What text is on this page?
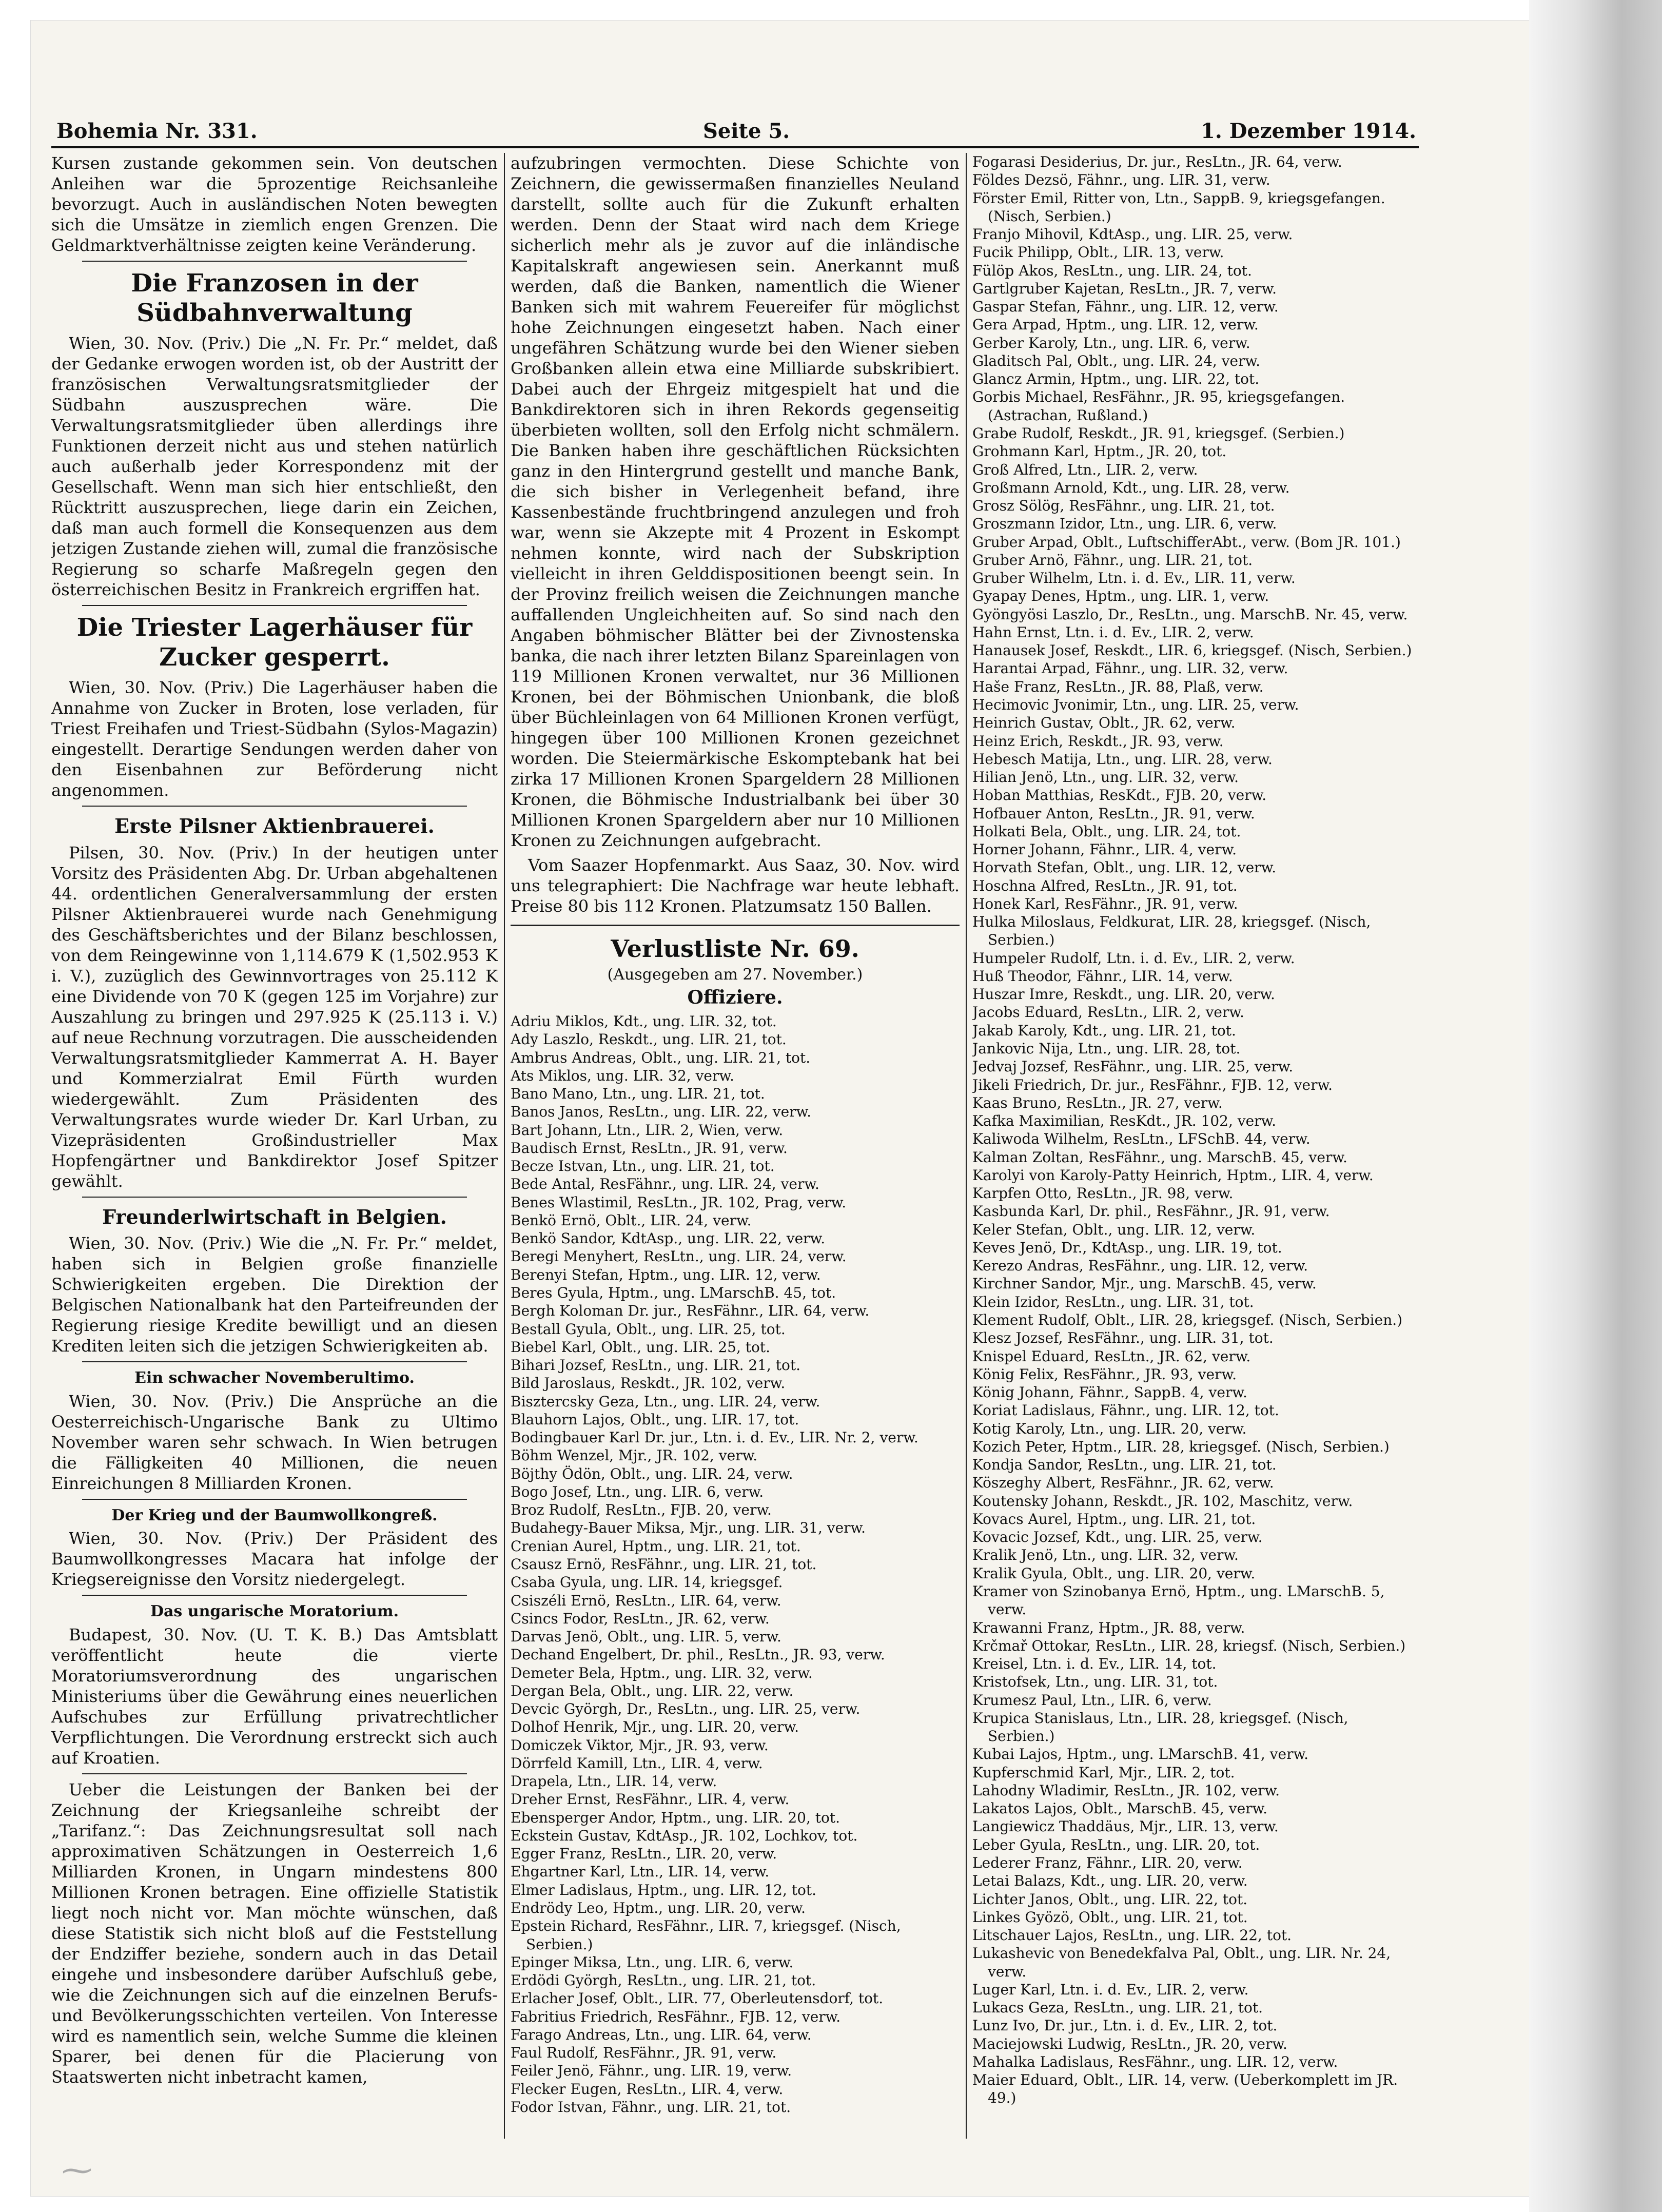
Bohemia Nr. 331.	Seite 5.	1. Dezember 1914.

Kursen zustande gekommen sein. Von deutschen Anleihen war die 5prozentige Reichsanleihe bevorzugt. Auch in ausländischen Noten bewegten sich die Umsätze in ziemlich engen Grenzen. Die Geldmarktverhältnisse zeigten keine Veränderung.

Die Franzosen in der Südbahnverwaltung

Wien, 30. Nov. (Priv.) Die „N. Fr. Pr.“ meldet, daß der Gedanke erwogen worden ist, ob der Austritt der französischen Verwaltungsratsmitglieder der Südbahn auszusprechen wäre. Die Verwaltungsratsmitglieder üben allerdings ihre Funktionen derzeit nicht aus und stehen natürlich auch außerhalb jeder Korrespondenz mit der Gesellschaft. Wenn man sich hier entschließt, den Rücktritt auszusprechen, liege darin ein Zeichen, daß man auch formell die Konsequenzen aus dem jetzigen Zustande ziehen will, zumal die französische Regierung so scharfe Maßregeln gegen den österreichischen Besitz in Frankreich ergriffen hat.

Die Triester Lagerhäuser für Zucker gesperrt.

Wien, 30. Nov. (Priv.) Die Lagerhäuser haben die Annahme von Zucker in Broten, lose verladen, für Triest Freihafen und Triest-Südbahn (Sylos-Magazin) eingestellt. Derartige Sendungen werden daher von den Eisenbahnen zur Beförderung nicht angenommen.

Erste Pilsner Aktienbrauerei.

Pilsen, 30. Nov. (Priv.) In der heutigen unter Vorsitz des Präsidenten Abg. Dr. Urban abgehaltenen 44. ordentlichen Generalversammlung der ersten Pilsner Aktienbrauerei wurde nach Genehmigung des Geschäftsberichtes und der Bilanz beschlossen, von dem Reingewinne von 1,114.679 K (1,502.953 K i. V.), zuzüglich des Gewinnvortrages von 25.112 K eine Dividende von 70 K (gegen 125 im Vorjahre) zur Auszahlung zu bringen und 297.925 K (25.113 i. V.) auf neue Rechnung vorzutragen. Die ausscheidenden Verwaltungsratsmitglieder Kammerrat A. H. Bayer und Kommerzialrat Emil Fürth wurden wiedergewählt. Zum Präsidenten des Verwaltungsrates wurde wieder Dr. Karl Urban, zu Vizepräsidenten Großindustrieller Max Hopfengärtner und Bankdirektor Josef Spitzer gewählt.

Freunderlwirtschaft in Belgien.

Wien, 30. Nov. (Priv.) Wie die „N. Fr. Pr.“ meldet, haben sich in Belgien große finanzielle Schwierigkeiten ergeben. Die Direktion der Belgischen Nationalbank hat den Parteifreunden der Regierung riesige Kredite bewilligt und an diesen Krediten leiten sich die jetzigen Schwierigkeiten ab.

Ein schwacher Novemberultimo.

Wien, 30. Nov. (Priv.) Die Ansprüche an die Oesterreichisch-Ungarische Bank zu Ultimo November waren sehr schwach. In Wien betrugen die Fälligkeiten 40 Millionen, die neuen Einreichungen 8 Milliarden Kronen.

Der Krieg und der Baumwollkongreß.

Wien, 30. Nov. (Priv.) Der Präsident des Baumwollkongresses Macara hat infolge der Kriegsereignisse den Vorsitz niedergelegt.

Das ungarische Moratorium.

Budapest, 30. Nov. (U. T. K. B.) Das Amtsblatt veröffentlicht heute die vierte Moratoriumsverordnung des ungarischen Ministeriums über die Gewährung eines neuerlichen Aufschubes zur Erfüllung privatrechtlicher Verpflichtungen. Die Verordnung erstreckt sich auch auf Kroatien.

Ueber die Leistungen der Banken bei der Zeichnung der Kriegsanleihe schreibt der „Tarifanz.“: Das Zeichnungsresultat soll nach approximativen Schätzungen in Oesterreich 1,6 Milliarden Kronen, in Ungarn mindestens 800 Millionen Kronen betragen. Eine offizielle Statistik liegt noch nicht vor. Man möchte wünschen, daß diese Statistik sich nicht bloß auf die Feststellung der Endziffer beziehe, sondern auch in das Detail eingehe und insbesondere darüber Aufschluß gebe, wie die Zeichnungen sich auf die einzelnen Berufs- und Bevölkerungsschichten verteilen. Von Interesse wird es namentlich sein, welche Summe die kleinen Sparer, bei denen für die Placierung von Staatswerten nicht inbetracht kamen,

aufzubringen vermochten. Diese Schichte von Zeichnern, die gewissermaßen finanzielles Neuland darstellt, sollte auch für die Zukunft erhalten werden. Denn der Staat wird nach dem Kriege sicherlich mehr als je zuvor auf die inländische Kapitalskraft angewiesen sein. Anerkannt muß werden, daß die Banken, namentlich die Wiener Banken sich mit wahrem Feuereifer für möglichst hohe Zeichnungen eingesetzt haben. Nach einer ungefähren Schätzung wurde bei den Wiener sieben Großbanken allein etwa eine Milliarde subskribiert. Dabei auch der Ehrgeiz mitgespielt hat und die Bankdirektoren sich in ihren Rekords gegenseitig überbieten wollten, soll den Erfolg nicht schmälern. Die Banken haben ihre geschäftlichen Rücksichten ganz in den Hintergrund gestellt und manche Bank, die sich bisher in Verlegenheit befand, ihre Kassenbestände fruchtbringend anzulegen und froh war, wenn sie Akzepte mit 4 Prozent in Eskompt nehmen konnte, wird nach der Subskription vielleicht in ihren Gelddispositionen beengt sein. In der Provinz freilich weisen die Zeichnungen manche auffallenden Ungleichheiten auf. So sind nach den Angaben böhmischer Blätter bei der Zivnostenska banka, die nach ihrer letzten Bilanz Spareinlagen von 119 Millionen Kronen verwaltet, nur 36 Millionen Kronen, bei der Böhmischen Unionbank, die bloß über Büchleinlagen von 64 Millionen Kronen verfügt, hingegen über 100 Millionen Kronen gezeichnet worden. Die Steiermärkische Eskomptebank hat bei zirka 17 Millionen Kronen Spargeldern 28 Millionen Kronen, die Böhmische Industrialbank bei über 30 Millionen Kronen Spargeldern aber nur 10 Millionen Kronen zu Zeichnungen aufgebracht.

Vom Saazer Hopfenmarkt. Aus Saaz, 30. Nov. wird uns telegraphiert: Die Nachfrage war heute lebhaft. Preise 80 bis 112 Kronen. Platzumsatz 150 Ballen.

Verlustliste Nr. 69.
(Ausgegeben am 27. November.)
Offiziere.
Adriu Miklos, Kdt., ung. LIR. 32, tot.
Ady Laszlo, Reskdt., ung. LIR. 21, tot.
Ambrus Andreas, Oblt., ung. LIR. 21, tot.
Ats Miklos, ung. LIR. 32, verw.
Bano Mano, Ltn., ung. LIR. 21, tot.
Banos Janos, ResLtn., ung. LIR. 22, verw.
Bart Johann, Ltn., LIR. 2, Wien, verw.
Baudisch Ernst, ResLtn., JR. 91, verw.
Becze Istvan, Ltn., ung. LIR. 21, tot.
Bede Antal, ResFähnr., ung. LIR. 24, verw.
Benes Wlastimil, ResLtn., JR. 102, Prag, verw.
Benkö Ernö, Oblt., LIR. 24, verw.
Benkö Sandor, KdtAsp., ung. LIR. 22, verw.
Beregi Menyhert, ResLtn., ung. LIR. 24, verw.
Berenyi Stefan, Hptm., ung. LIR. 12, verw.
Beres Gyula, Hptm., ung. LMarschB. 45, tot.
Bergh Koloman Dr. jur., ResFähnr., LIR. 64, verw.
Bestall Gyula, Oblt., ung. LIR. 25, tot.
Biebel Karl, Oblt., ung. LIR. 25, tot.
Bihari Jozsef, ResLtn., ung. LIR. 21, tot.
Bild Jaroslaus, Reskdt., JR. 102, verw.
Bisztercsky Geza, Ltn., ung. LIR. 24, verw.
Blauhorn Lajos, Oblt., ung. LIR. 17, tot.
Bodingbauer Karl Dr. jur., Ltn. i. d. Ev., LIR. Nr. 2, verw.
Böhm Wenzel, Mjr., JR. 102, verw.
Böjthy Ödön, Oblt., ung. LIR. 24, verw.
Bogo Josef, Ltn., ung. LIR. 6, verw.
Broz Rudolf, ResLtn., FJB. 20, verw.
Budahegy-Bauer Miksa, Mjr., ung. LIR. 31, verw.
Crenian Aurel, Hptm., ung. LIR. 21, tot.
Csausz Ernö, ResFähnr., ung. LIR. 21, tot.
Csaba Gyula, ung. LIR. 14, kriegsgef.
Csiszéli Ernö, ResLtn., LIR. 64, verw.
Csincs Fodor, ResLtn., JR. 62, verw.
Darvas Jenö, Oblt., ung. LIR. 5, verw.
Dechand Engelbert, Dr. phil., ResLtn., JR. 93, verw.
Demeter Bela, Hptm., ung. LIR. 32, verw.
Dergan Bela, Oblt., ung. LIR. 22, verw.
Devcic Györgh, Dr., ResLtn., ung. LIR. 25, verw.
Dolhof Henrik, Mjr., ung. LIR. 20, verw.
Domiczek Viktor, Mjr., JR. 93, verw.
Dörrfeld Kamill, Ltn., LIR. 4, verw.
Drapela, Ltn., LIR. 14, verw.
Dreher Ernst, ResFähnr., LIR. 4, verw.
Ebensperger Andor, Hptm., ung. LIR. 20, tot.
Eckstein Gustav, KdtAsp., JR. 102, Lochkov, tot.
Egger Franz, ResLtn., LIR. 20, verw.
Ehgartner Karl, Ltn., LIR. 14, verw.
Elmer Ladislaus, Hptm., ung. LIR. 12, tot.
Endrödy Leo, Hptm., ung. LIR. 20, verw.
Epstein Richard, ResFähnr., LIR. 7, kriegsgef. (Nisch, Serbien.)
Epinger Miksa, Ltn., ung. LIR. 6, verw.
Erdödi Györgh, ResLtn., ung. LIR. 21, tot.
Erlacher Josef, Oblt., LIR. 77, Oberleutensdorf, tot.
Fabritius Friedrich, ResFähnr., FJB. 12, verw.
Farago Andreas, Ltn., ung. LIR. 64, verw.
Faul Rudolf, ResFähnr., JR. 91, verw.
Feiler Jenö, Fähnr., ung. LIR. 19, verw.
Flecker Eugen, ResLtn., LIR. 4, verw.
Fodor Istvan, Fähnr., ung. LIR. 21, tot.
Fogarasi Desiderius, Dr. jur., ResLtn., JR. 64, verw.
Földes Dezsö, Fähnr., ung. LIR. 31, verw.
Förster Emil, Ritter von, Ltn., SappB. 9, kriegsgefangen. (Nisch, Serbien.)
Franjo Mihovil, KdtAsp., ung. LIR. 25, verw.
Fucik Philipp, Oblt., LIR. 13, verw.
Fülöp Akos, ResLtn., ung. LIR. 24, tot.
Gartlgruber Kajetan, ResLtn., JR. 7, verw.
Gaspar Stefan, Fähnr., ung. LIR. 12, verw.
Gera Arpad, Hptm., ung. LIR. 12, verw.
Gerber Karoly, Ltn., ung. LIR. 6, verw.
Gladitsch Pal, Oblt., ung. LIR. 24, verw.
Glancz Armin, Hptm., ung. LIR. 22, tot.
Gorbis Michael, ResFähnr., JR. 95, kriegsgefangen. (Astrachan, Rußland.)
Grabe Rudolf, Reskdt., JR. 91, kriegsgef. (Serbien.)
Grohmann Karl, Hptm., JR. 20, tot.
Groß Alfred, Ltn., LIR. 2, verw.
Großmann Arnold, Kdt., ung. LIR. 28, verw.
Grosz Sölög, ResFähnr., ung. LIR. 21, tot.
Groszmann Izidor, Ltn., ung. LIR. 6, verw.
Gruber Arpad, Oblt., LuftschifferAbt., verw. (Bom JR. 101.)
Gruber Arnö, Fähnr., ung. LIR. 21, tot.
Gruber Wilhelm, Ltn. i. d. Ev., LIR. 11, verw.
Gyapay Denes, Hptm., ung. LIR. 1, verw.
Gyöngyösi Laszlo, Dr., ResLtn., ung. MarschB. Nr. 45, verw.
Hahn Ernst, Ltn. i. d. Ev., LIR. 2, verw.
Hanausek Josef, Reskdt., LIR. 6, kriegsgef. (Nisch, Serbien.)
Harantai Arpad, Fähnr., ung. LIR. 32, verw.
Haše Franz, ResLtn., JR. 88, Plaß, verw.
Hecimovic Jvonimir, Ltn., ung. LIR. 25, verw.
Heinrich Gustav, Oblt., JR. 62, verw.
Heinz Erich, Reskdt., JR. 93, verw.
Hebesch Matija, Ltn., ung. LIR. 28, verw.
Hilian Jenö, Ltn., ung. LIR. 32, verw.
Hoban Matthias, ResKdt., FJB. 20, verw.
Hofbauer Anton, ResLtn., JR. 91, verw.
Holkati Bela, Oblt., ung. LIR. 24, tot.
Horner Johann, Fähnr., LIR. 4, verw.
Horvath Stefan, Oblt., ung. LIR. 12, verw.
Hoschna Alfred, ResLtn., JR. 91, tot.
Honek Karl, ResFähnr., JR. 91, verw.
Hulka Miloslaus, Feldkurat, LIR. 28, kriegsgef. (Nisch, Serbien.)
Humpeler Rudolf, Ltn. i. d. Ev., LIR. 2, verw.
Huß Theodor, Fähnr., LIR. 14, verw.
Huszar Imre, Reskdt., ung. LIR. 20, verw.
Jacobs Eduard, ResLtn., LIR. 2, verw.
Jakab Karoly, Kdt., ung. LIR. 21, tot.
Jankovic Nija, Ltn., ung. LIR. 28, tot.
Jedvaj Jozsef, ResFähnr., ung. LIR. 25, verw.
Jikeli Friedrich, Dr. jur., ResFähnr., FJB. 12, verw.
Kaas Bruno, ResLtn., JR. 27, verw.
Kafka Maximilian, ResKdt., JR. 102, verw.
Kaliwoda Wilhelm, ResLtn., LFSchB. 44, verw.
Kalman Zoltan, ResFähnr., ung. MarschB. 45, verw.
Karolyi von Karoly-Patty Heinrich, Hptm., LIR. 4, verw.
Karpfen Otto, ResLtn., JR. 98, verw.
Kasbunda Karl, Dr. phil., ResFähnr., JR. 91, verw.
Keler Stefan, Oblt., ung. LIR. 12, verw.
Keves Jenö, Dr., KdtAsp., ung. LIR. 19, tot.
Kerezo Andras, ResFähnr., ung. LIR. 12, verw.
Kirchner Sandor, Mjr., ung. MarschB. 45, verw.
Klein Izidor, ResLtn., ung. LIR. 31, tot.
Klement Rudolf, Oblt., LIR. 28, kriegsgef. (Nisch, Serbien.)
Klesz Jozsef, ResFähnr., ung. LIR. 31, tot.
Knispel Eduard, ResLtn., JR. 62, verw.
König Felix, ResFähnr., JR. 93, verw.
König Johann, Fähnr., SappB. 4, verw.
Koriat Ladislaus, Fähnr., ung. LIR. 12, tot.
Kotig Karoly, Ltn., ung. LIR. 20, verw.
Kozich Peter, Hptm., LIR. 28, kriegsgef. (Nisch, Serbien.)
Kondja Sandor, ResLtn., ung. LIR. 21, tot.
Köszeghy Albert, ResFähnr., JR. 62, verw.
Koutensky Johann, Reskdt., JR. 102, Maschitz, verw.
Kovacs Aurel, Hptm., ung. LIR. 21, tot.
Kovacic Jozsef, Kdt., ung. LIR. 25, verw.
Kralik Jenö, Ltn., ung. LIR. 32, verw.
Kralik Gyula, Oblt., ung. LIR. 20, verw.
Kramer von Szinobanya Ernö, Hptm., ung. LMarschB. 5, verw.
Krawanni Franz, Hptm., JR. 88, verw.
Krčmař Ottokar, ResLtn., LIR. 28, kriegsf. (Nisch, Serbien.)
Kreisel, Ltn. i. d. Ev., LIR. 14, tot.
Kristofsek, Ltn., ung. LIR. 31, tot.
Krumesz Paul, Ltn., LIR. 6, verw.
Krupica Stanislaus, Ltn., LIR. 28, kriegsgef. (Nisch, Serbien.)
Kubai Lajos, Hptm., ung. LMarschB. 41, verw.
Kupferschmid Karl, Mjr., LIR. 2, tot.
Lahodny Wladimir, ResLtn., JR. 102, verw.
Lakatos Lajos, Oblt., MarschB. 45, verw.
Langiewicz Thaddäus, Mjr., LIR. 13, verw.
Leber Gyula, ResLtn., ung. LIR. 20, tot.
Lederer Franz, Fähnr., LIR. 20, verw.
Letai Balazs, Kdt., ung. LIR. 20, verw.
Lichter Janos, Oblt., ung. LIR. 22, tot.
Linkes Gyözö, Oblt., ung. LIR. 21, tot.
Litschauer Lajos, ResLtn., ung. LIR. 22, tot.
Lukashevic von Benedekfalva Pal, Oblt., ung. LIR. Nr. 24, verw.
Luger Karl, Ltn. i. d. Ev., LIR. 2, verw.
Lukacs Geza, ResLtn., ung. LIR. 21, tot.
Lunz Ivo, Dr. jur., Ltn. i. d. Ev., LIR. 2, tot.
Maciejowski Ludwig, ResLtn., JR. 20, verw.
Mahalka Ladislaus, ResFähnr., ung. LIR. 12, verw.
Maier Eduard, Oblt., LIR. 14, verw. (Ueberkomplett im JR. 49.)
⁓
